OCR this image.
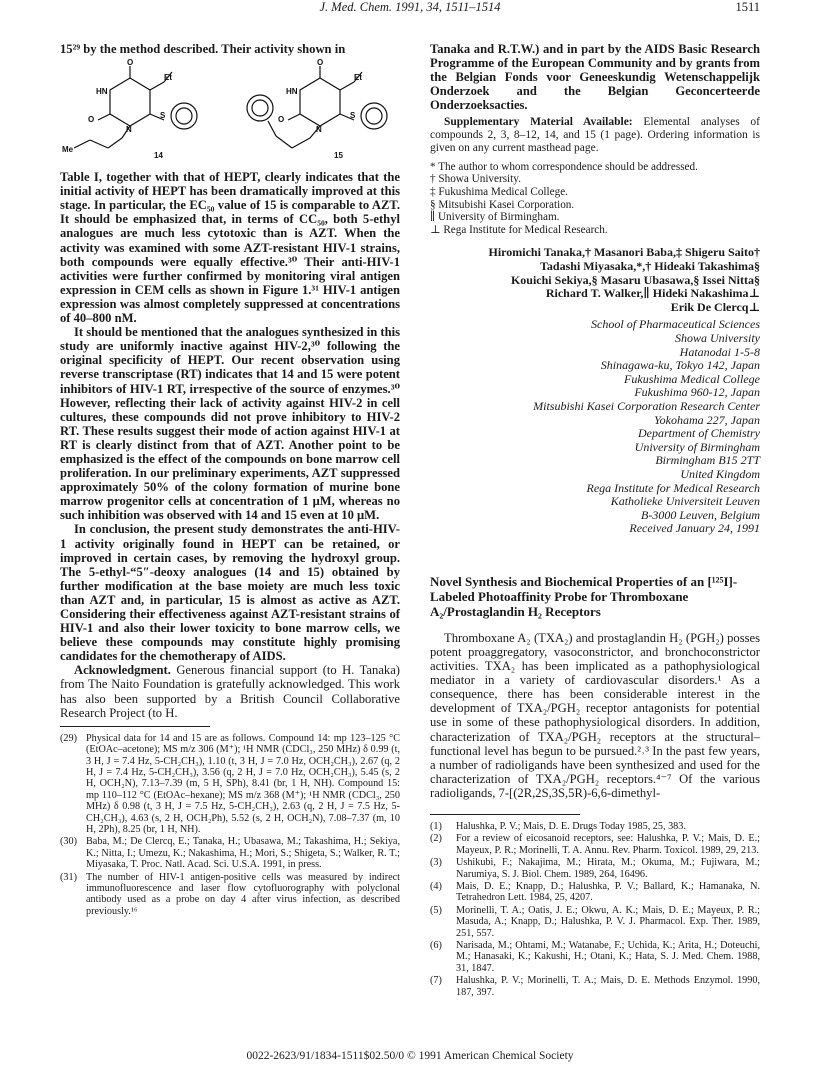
J. Med. Chem. 1991, 34, 1511–1514	1511

15²⁹ by the method described. Their activity shown in

O
HN
Et
N
S
O
Me
O
HN
Et
N
S
O
14	15

Table I, together with that of HEPT, clearly indicates that the initial activity of HEPT has been dramatically improved at this stage. In particular, the EC₅₀ value of 15 is comparable to AZT. It should be emphasized that, in terms of CC₅₀, both 5-ethyl analogues are much less cytotoxic than is AZT. When the activity was examined with some AZT-resistant HIV-1 strains, both compounds were equally effective.³⁰ Their anti-HIV-1 activities were further confirmed by monitoring viral antigen expression in CEM cells as shown in Figure 1.³¹ HIV-1 antigen expression was almost completely suppressed at concentrations of 40–800 nM.

It should be mentioned that the analogues synthesized in this study are uniformly inactive against HIV-2,³⁰ following the original specificity of HEPT. Our recent observation using reverse transcriptase (RT) indicates that 14 and 15 were potent inhibitors of HIV-1 RT, irrespective of the source of enzymes.³⁰ However, reflecting their lack of activity against HIV-2 in cell cultures, these compounds did not prove inhibitory to HIV-2 RT. These results suggest their mode of action against HIV-1 at RT is clearly distinct from that of AZT. Another point to be emphasized is the effect of the compounds on bone marrow cell proliferation. In our preliminary experiments, AZT suppressed approximately 50% of the colony formation of murine bone marrow progenitor cells at concentration of 1 μM, whereas no such inhibition was observed with 14 and 15 even at 10 μM.

In conclusion, the present study demonstrates the anti-HIV-1 activity originally found in HEPT can be retained, or improved in certain cases, by removing the hydroxyl group. The 5-ethyl-“5″-deoxy analogues (14 and 15) obtained by further modification at the base moiety are much less toxic than AZT and, in particular, 15 is almost as active as AZT. Considering their effectiveness against AZT-resistant strains of HIV-1 and also their lower toxicity to bone marrow cells, we believe these compounds may constitute highly promising candidates for the chemotherapy of AIDS.

Acknowledgment. Generous financial support (to H. Tanaka) from The Naito Foundation is gratefully acknowledged. This work has also been supported by a British Council Collaborative Research Project (to H.

(29) Physical data for 14 and 15 are as follows. Compound 14: mp 123–125 °C (EtOAc–acetone); MS m/z 306 (M⁺); ¹H NMR (CDCl₃, 250 MHz) δ 0.99 (t, 3 H, J = 7.4 Hz, 5-CH₂CH₃), 1.10 (t, 3 H, J = 7.0 Hz, OCH₂CH₃), 2.67 (q, 2 H, J = 7.4 Hz, 5-CH₂CH₃), 3.56 (q, 2 H, J = 7.0 Hz, OCH₂CH₃), 5.45 (s, 2 H, OCH₂N), 7.13–7.39 (m, 5 H, SPh), 8.41 (br, 1 H, NH). Compound 15: mp 110–112 °C (EtOAc–hexane); MS m/z 368 (M⁺); ¹H NMR (CDCl₃, 250 MHz) δ 0.98 (t, 3 H, J = 7.5 Hz, 5-CH₂CH₃), 2.63 (q, 2 H, J = 7.5 Hz, 5-CH₂CH₃), 4.63 (s, 2 H, OCH₂Ph), 5.52 (s, 2 H, OCH₂N), 7.08–7.37 (m, 10 H, 2Ph), 8.25 (br, 1 H, NH).
(30) Baba, M.; De Clercq, E.; Tanaka, H.; Ubasawa, M.; Takashima, H.; Sekiya, K.; Nitta, I.; Umezu, K.; Nakashima, H.; Mori, S.; Shigeta, S.; Walker, R. T.; Miyasaka, T. Proc. Natl. Acad. Sci. U.S.A. 1991, in press.
(31) The number of HIV-1 antigen-positive cells was measured by indirect immunofluorescence and laser flow cytofluorography with polyclonal antibody used as a probe on day 4 after virus infection, as described previously.¹⁶

Tanaka and R.T.W.) and in part by the AIDS Basic Research Programme of the European Community and by grants from the Belgian Fonds voor Geneeskundig Wetenschappelijk Onderzoek and the Belgian Geconcerteerde Onderzoeksacties.

Supplementary Material Available: Elemental analyses of compounds 2, 3, 8–12, 14, and 15 (1 page). Ordering information is given on any current masthead page.

* The author to whom correspondence should be addressed.
† Showa University.
‡ Fukushima Medical College.
§ Mitsubishi Kasei Corporation.
∥ University of Birmingham.
⊥ Rega Institute for Medical Research.
Hiromichi Tanaka,† Masanori Baba,‡ Shigeru Saito†
Tadashi Miyasaka,*,† Hideaki Takashima§
Kouichi Sekiya,§ Masaru Ubasawa,§ Issei Nitta§
Richard T. Walker,∥ Hideki Nakashima⊥
Erik De Clercq⊥
School of Pharmaceutical Sciences
Showa University
Hatanodai 1-5-8
Shinagawa-ku, Tokyo 142, Japan
Fukushima Medical College
Fukushima 960-12, Japan
Mitsubishi Kasei Corporation Research Center
Yokohama 227, Japan
Department of Chemistry
University of Birmingham
Birmingham B15 2TT
United Kingdom
Rega Institute for Medical Research
Katholieke Universiteit Leuven
B-3000 Leuven, Belgium
Received January 24, 1991
Novel Synthesis and Biochemical Properties of an [¹²⁵I]-Labeled Photoaffinity Probe for Thromboxane A₂/Prostaglandin H₂ Receptors

Thromboxane A₂ (TXA₂) and prostaglandin H₂ (PGH₂) posses potent proaggregatory, vasoconstrictor, and bronchoconstrictor activities. TXA₂ has been implicated as a pathophysiological mediator in a variety of cardiovascular disorders.¹ As a consequence, there has been considerable interest in the development of TXA₂/PGH₂ receptor antagonists for potential use in some of these pathophysiological disorders. In addition, characterization of TXA₂/PGH₂ receptors at the structural–functional level has begun to be pursued.²˒³ In the past few years, a number of radioligands have been synthesized and used for the characterization of TXA₂/PGH₂ receptors.⁴⁻⁷ Of the various radioligands, 7-[(2R,2S,3S,5R)-6,6-dimethyl-

(1)	Halushka, P. V.; Mais, D. E. Drugs Today 1985, 25, 383.
(2)	For a review of eicosanoid receptors, see: Halushka, P. V.; Mais, D. E.; Mayeux, P. R.; Morinelli, T. A. Annu. Rev. Pharm. Toxicol. 1989, 29, 213.
(3)	Ushikubi, F.; Nakajima, M.; Hirata, M.; Okuma, M.; Fujiwara, M.; Narumiya, S. J. Biol. Chem. 1989, 264, 16496.
(4)	Mais, D. E.; Knapp, D.; Halushka, P. V.; Ballard, K.; Hamanaka, N. Tetrahedron Lett. 1984, 25, 4207.
(5)	Morinelli, T. A.; Oatis, J. E.; Okwu, A. K.; Mais, D. E.; Mayeux, P. R.; Masuda, A.; Knapp, D.; Halushka, P. V. J. Pharmacol. Exp. Ther. 1989, 251, 557.
(6)	Narisada, M.; Ohtami, M.; Watanabe, F.; Uchida, K.; Arita, H.; Doteuchi, M.; Hanasaki, K.; Kakushi, H.; Otani, K.; Hata, S. J. Med. Chem. 1988, 31, 1847.
(7)	Halushka, P. V.; Morinelli, T. A.; Mais, D. E. Methods Enzymol. 1990, 187, 397.
0022-2623/91/1834-1511$02.50/0 © 1991 American Chemical Society
